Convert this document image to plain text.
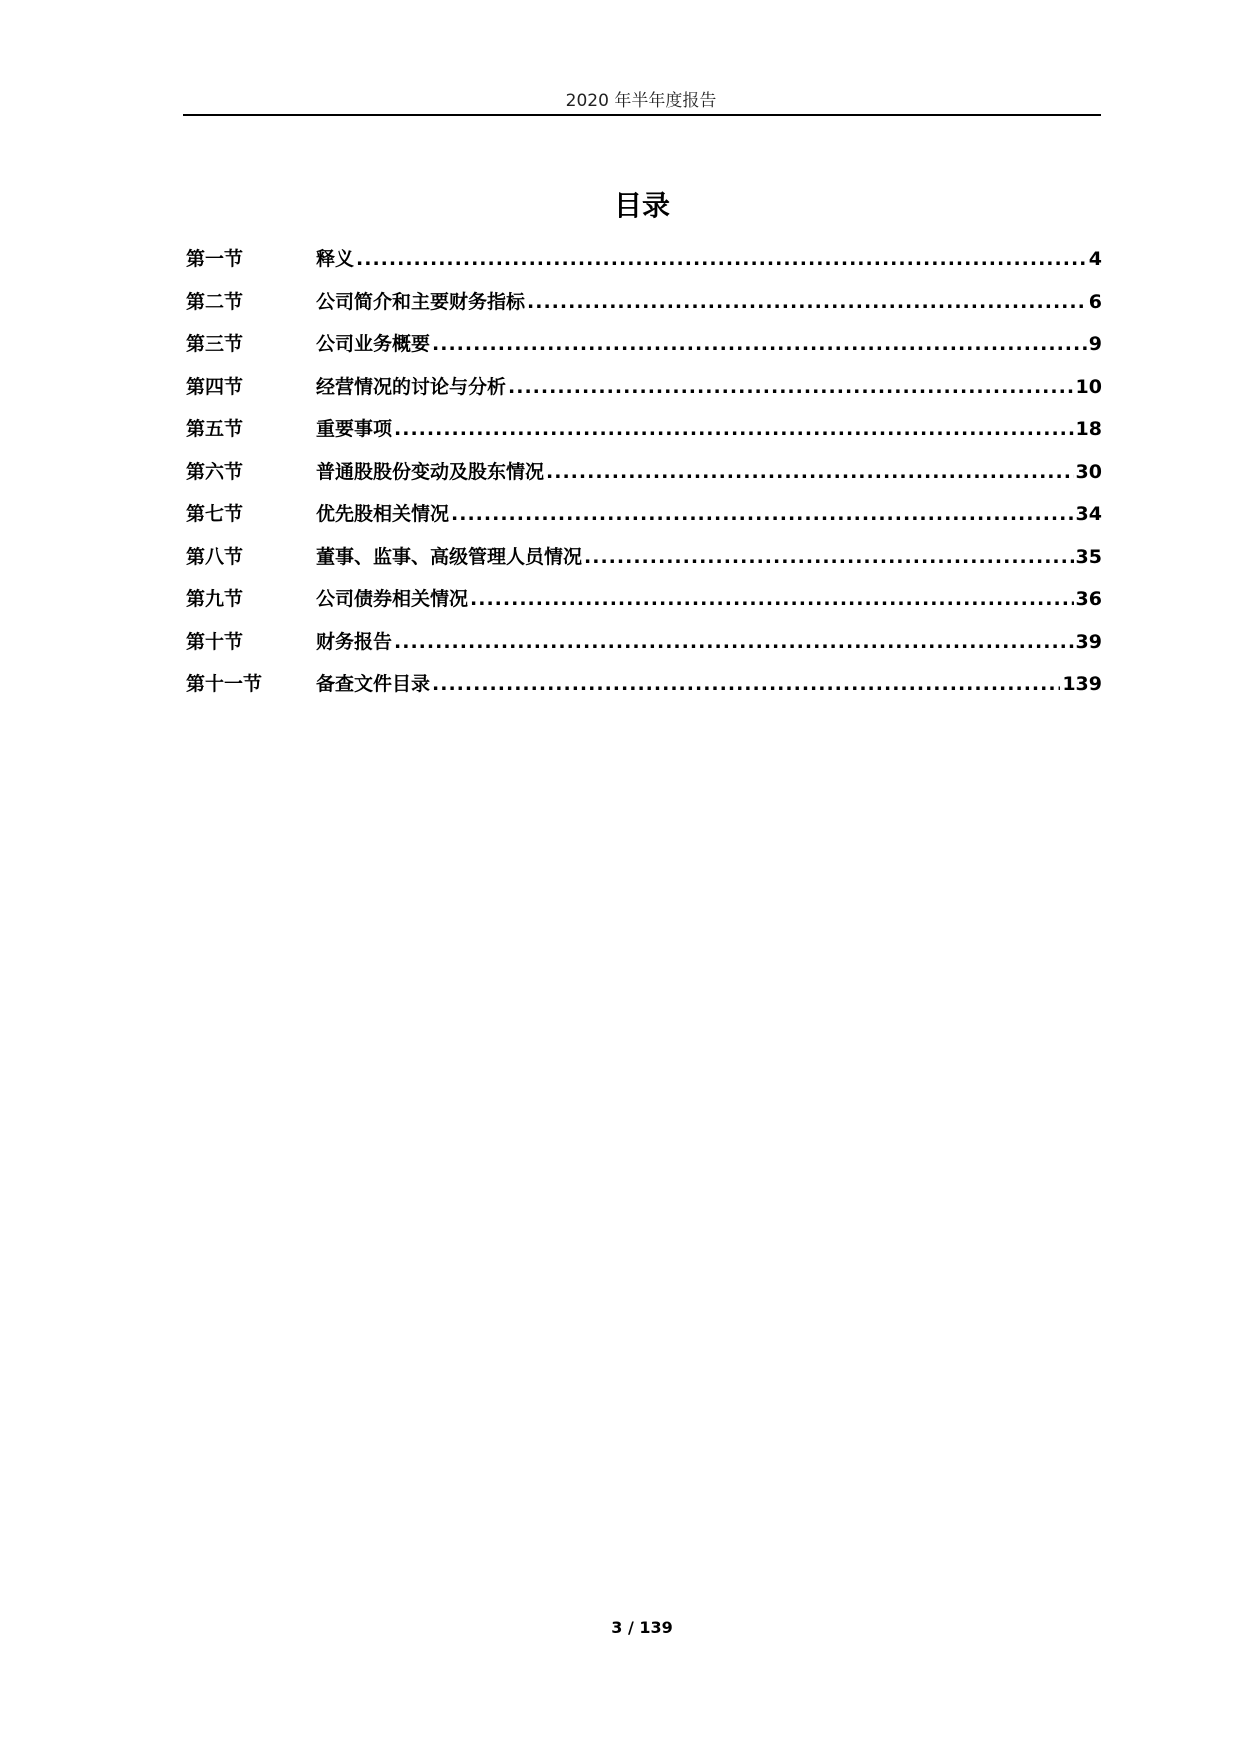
2020 年半年度报告
目录
第一节	释义 .....	4
第二节	公司简介和主要财务指标 .....	6
第三节	公司业务概要 .....	9
第四节	经营情况的讨论与分析 .....	10
第五节	重要事项 .....	18
第六节	普通股股份变动及股东情况 .....	30
第七节	优先股相关情况 .....	34
第八节	董事、监事、高级管理人员情况 .....	35
第九节	公司债券相关情况 .....	36
第十节	财务报告 .....	39
第十一节	备查文件目录 .....	139
3 / 139
